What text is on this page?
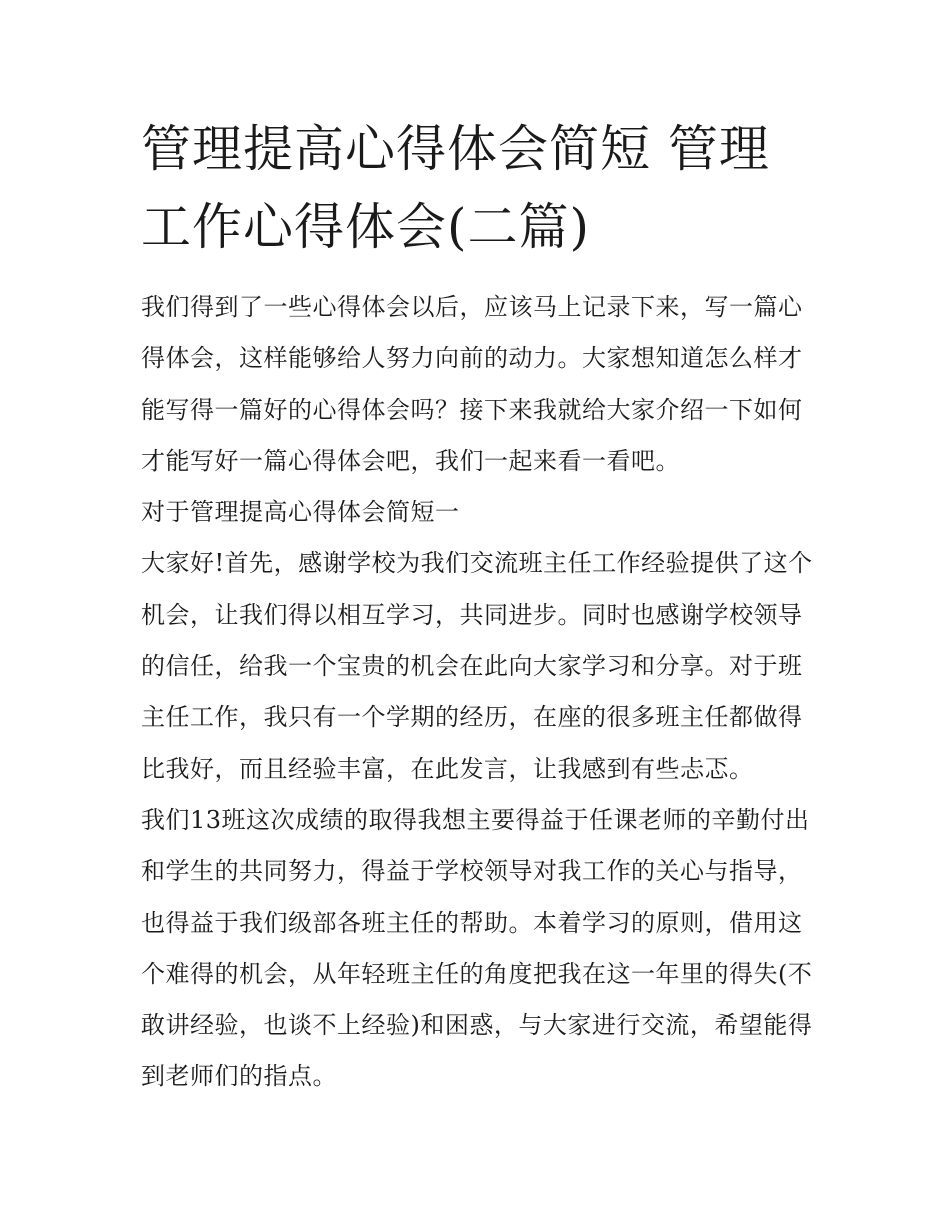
管理提高心得体会简短 管理工作心得体会(二篇)

我们得到了一些心得体会以后，应该马上记录下来，写一篇心得体会，这样能够给人努力向前的动力。大家想知道怎么样才能写得一篇好的心得体会吗？接下来我就给大家介绍一下如何才能写好一篇心得体会吧，我们一起来看一看吧。

对于管理提高心得体会简短一

大家好!首先，感谢学校为我们交流班主任工作经验提供了这个机会，让我们得以相互学习，共同进步。同时也感谢学校领导的信任，给我一个宝贵的机会在此向大家学习和分享。对于班主任工作，我只有一个学期的经历，在座的很多班主任都做得比我好，而且经验丰富，在此发言，让我感到有些忐忑。

我们13班这次成绩的取得我想主要得益于任课老师的辛勤付出和学生的共同努力，得益于学校领导对我工作的关心与指导，也得益于我们级部各班主任的帮助。本着学习的原则，借用这个难得的机会，从年轻班主任的角度把我在这一年里的得失(不敢讲经验，也谈不上经验)和困惑，与大家进行交流，希望能得到老师们的指点。
